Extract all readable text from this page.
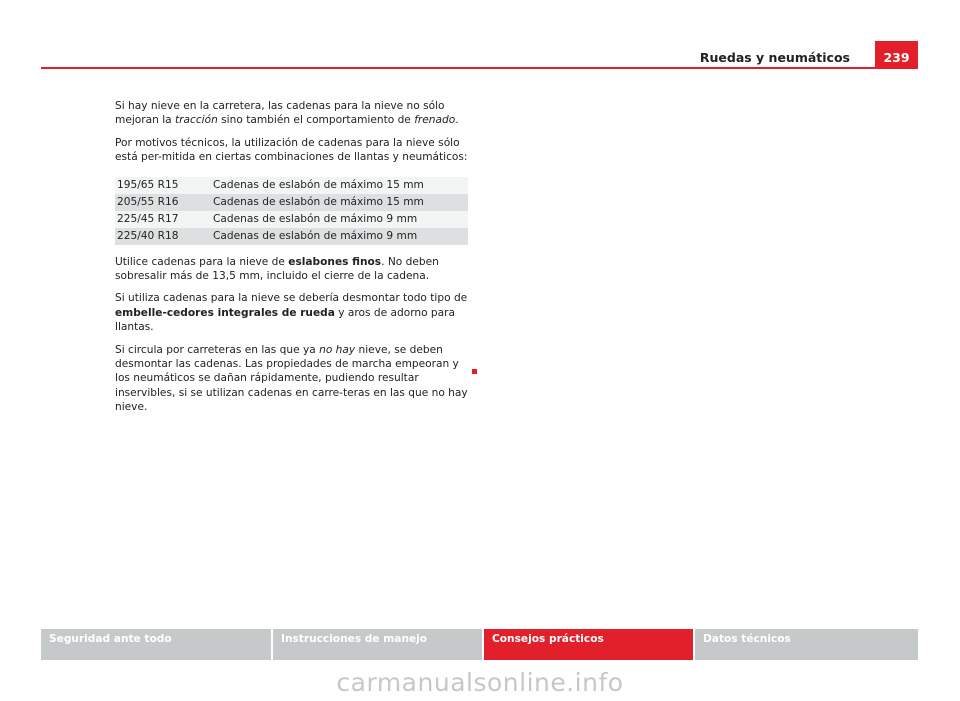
Ruedas y neumáticos	239

Si hay nieve en la carretera, las cadenas para la nieve no sólo mejoran la tracción sino también el comportamiento de frenado.

Por motivos técnicos, la utilización de cadenas para la nieve sólo está per-mitida en ciertas combinaciones de llantas y neumáticos:

195/65 R15	Cadenas de eslabón de máximo 15 mm
205/55 R16	Cadenas de eslabón de máximo 15 mm
225/45 R17	Cadenas de eslabón de máximo 9 mm
225/40 R18	Cadenas de eslabón de máximo 9 mm

Utilice cadenas para la nieve de eslabones finos. No deben sobresalir más de 13,5 mm, incluido el cierre de la cadena.

Si utiliza cadenas para la nieve se debería desmontar todo tipo de embelle-cedores integrales de rueda y aros de adorno para llantas.

Si circula por carreteras en las que ya no hay nieve, se deben desmontar las cadenas. Las propiedades de marcha empeoran y los neumáticos se dañan rápidamente, pudiendo resultar inservibles, si se utilizan cadenas en carre-teras en las que no hay nieve.

Seguridad ante todo	Instrucciones de manejo	Consejos prácticos	Datos técnicos
carmanualsonline.info
